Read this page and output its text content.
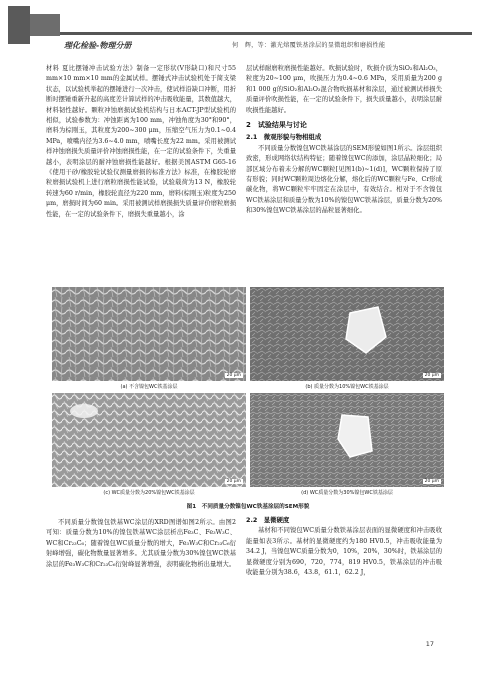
理化检验-物理分册	何　辉，等：激光熔覆铁基涂层的显微组织和磨损性能

材料 夏比摆锤冲击试验方法》制备一定形状(V形缺口)和尺寸55 mm×10 mm×10 mm的金属试样。摆锤式冲击试验机处于简支梁状态，以试验机举起的摆锤进行一次冲击，使试样沿缺口冲断，用折断时摆锤重新升起的高度差计算试样的冲击吸收能量，其数值越大，材料韧性越好。颗粒冲蚀磨损试验机结构与日本ACT-JP型试验机的相似，试验参数为：冲蚀距离为100 mm，冲蚀角度为30°和90°，磨料为棕刚玉，其粒度为200~300 μm，压缩空气压力为0.1~0.4 MPa，喷嘴内径为3.6~4.0 mm，喷嘴长度为22 mm。采用被测试样冲蚀磨损失质量评价冲蚀磨损性能，在一定的试验条件下，失重量越小，表明涂层的耐冲蚀磨损性能越好。根据美国ASTM G65-16《使用干砂/橡胶轮试验仪测量磨损的标准方法》标准，在橡胶轮磨粒磨损试验机上进行磨粒磨损性能试验，试验载荷为13 N，橡胶轮转速为60 r/min，橡胶轮直径为220 mm，磨料(棕刚玉)粒度为250 μm，磨损时间为60 min。采用被测试样磨损损失质量评价磨粒磨损性能，在一定的试验条件下，磨损失重量越小，涂

层试样耐磨粒磨损性能越好。吹损试验时，吹损介质为SiO₂和Al₂O₃，粒度为20~100 μm，吹损压力为0.4~0.6 MPa，采用质量为200 g和1 000 g的SiO₂和Al₂O₃混合物吹损基材和涂层，通过被测试样损失质量评价吹损性能，在一定的试验条件下，损失质量越小，表明涂层耐吹损性能越好。

2　试验结果与讨论
2.1　微观形貌与物相组成

不同质量分数镍包WC铁基涂层的SEM形貌如图1所示。涂层组织致密，形成网络状结构特征；随着镍包WC的添加，涂层晶粒细化；局部区域分布着未分解的WC颗粒[见图1(b)~1(d)]，WC颗粒保持了原有形貌；同时WC颗粒周边熔化分解，熔化后的WC颗粒与Fe、Cr形成碳化物，将WC颗粒牢牢固定在涂层中，有效结合。相对于不含镍包WC铁基涂层和质量分数为10%的镍包WC铁基涂层，质量分数为20%和30%镍包WC铁基涂层的晶粒显著细化。

20 μm	20 μm
(a) 不含镍包WC铁基涂层	(b) 质量分数为10%镍包WC铁基涂层
20 μm	20 μm
(c) WC质量分数为20%镍包WC铁基涂层	(d) WC质量分数为30%镍包WC铁基涂层
图1　不同质量分数镍包WC铁基涂层的SEM形貌

不同质量分数镍包铁基WC涂层的XRD图谱如图2所示。由图2可知：质量分数为10%的镍包铁基WC涂层析出Fe₃C、Fe₃W₃C、WC和Cr₂₃C₆；随着镍包WC质量分数的增大，Fe₃W₃C和Cr₂₃C₆衍射峰增强，碳化物数量显著增多。尤其质量分数为30%镍包WC铁基涂层的Fe₃W₃C和Cr₂₃C₆衍射峰显著增强，表明碳化物析出量增大。

2.2　显微硬度

基材和不同镍包WC质量分数铁基涂层表面的显微硬度和冲击吸收能量如表3所示。基材的显微硬度约为180 HV0.5，冲击吸收能量为34.2 J，当镍包WC质量分数为0，10%，20%，30%时，铁基涂层的显微硬度分别为690，720，774，819 HV0.5，铁基涂层的冲击吸收能量分别为38.6，43.8，61.1，62.2 J，

17
